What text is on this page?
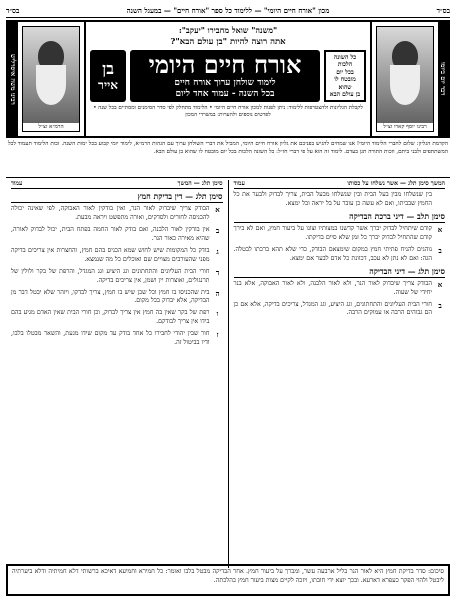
בס״ד
מכון "אורח חיים היומי" — ללימוד כל ספר "אורח חיים" — במעגל השנה
בס״ד
דבר יום ביומו
רבינו יוסף קארו זצ״ל
"משנה" שואל מחבירו "יעקב":
אתה רוצה להיות "בן עולם הבא"?
כל השונה
הלכות
בכל יום
מובטח לו
שהוא
בן עולם הבא
אורח חיים היומי
לימוד שולחן ערוך אורח חיים
בכל השנה - עמוד אחד ליום
בן
אייר
לקבלת הגליונות ולהצטרפות ללימוד: ניתן לפנות למכון אורח חיים היומי • הלימוד מתחלק לפי סדר הסימנים ומסתיים בכל שנה • לפרטים נוספים ולהערות: במשרדי המכון
הרמ״א זצ״ל
רבינו משה איסרליש
הקדמת הגליון: שלום לחברי הלימוד היומי! אנו שמחים להגיש בפניכם את גליון אורח חיים היומי, המכיל את דברי השולחן ערוך עם הגהות הרמ״א, לימוד יומי קבוע בכל ימות השנה. זכות הלימוד תעמוד לכל המשתתפים ולבני ביתם, וזכות התורה תגן בעדם. לימוד זה הוא על פי דברי חז״ל: כל השונה הלכות בכל יום מובטח לו שהוא בן עולם הבא.
המשך סימן תלג — אשר נשלחו על כסותו
עמוד
בין שנשלחו מבין בעל הבית ובין שנשלחו מבעל הבית, צריך לבדוק ולבער את כל החמץ שבביתו, ואם לא עשה כן עובר על בל יראה ובל ימצא.
סימן תלב — דיני ברכת הבדיקה
א
קודם שיתחיל לבדוק יברך אשר קדשנו במצותיו וצונו על ביעור חמץ, ואם לא בירך קודם שהתחיל לבדוק יברך כל זמן שלא סיים בדיקתו.
ב
נוהגים להניח פתיתי חמץ במקום שימצאם הבודק, כדי שלא תהא ברכתו לבטלה. הגה: ואם לא נתן לא עכב, דכוונת כל אדם לבער אם ימצא.
סימן תלג — דיני הבדיקה
א
הבודק צריך שיבדוק לאור הנר, ולא לאור הלבנה, ולא לאור האבוקה, אלא בנר יחידי של שעוה.
ב
חורי הבית העליונים והתחתונים, וגג היציע, וגג המגדל, צריכים בדיקה, אלא אם כן הם גבוהים הרבה או עמוקים הרבה.
סימן תלג — המשך
עמוד
סימן תלג — דין בדיקת חמץ
א
הבודק צריך שיבדוק לאור הנר, ואין בודקין לאור האבוקה, לפי שאינה יכולה להכניסה לחורים ולסדקים, ואורה מתפשט ויראה מבעת.
ב
אין בודקין לאור הלבנה, ואם בודק לאור החמה בפתח הבית, יכול לבדוק לאורה, שהיא מאירה כאור הנר.
ג
בודק כל המקומות שיש לחוש שמא הכניס בהם חמץ, והחצרות אין צריכים בדיקה מפני שהעורבים מצויים שם ואוכלים כל מה שנמצא.
ד
חורי הבית העליונים והתחתונים וגג היציע וגג המגדל, והרפת של בקר ולולין של תרנגולים, ואוצרות יין ושמן, אין צריכים בדיקה.
ה
בית שהכניסו בו חמץ וכל שכן שיש בו חמץ, צריך לבדקו, ויזהר שלא יבטל דבר מן הבדיקה, אלא יבדוק בכל מקום.
ו
רפת של בקר שאין בה חמץ אין צריך לבדוק, וכן חורי הבית שאין האדם מגיע בהם בידו אין צריך לבודקם.
ז
חור שבין יהודי לחבירו כל אחד בודק עד מקום שידו מגעת, והשאר מבטלו בלבו, ודיו בביטול זה.
סיכום: סדר בדיקת חמץ היא לאור הנר בליל ארבעה עשר, ומברך על ביעור חמץ. אחר הבדיקה מבטל בלבו ואומר: כל חמירא וחמיעא דאיכא ברשותי דלא חמיתיה ודלא ביערתיה ליבטל ולהוי הפקר כעפרא דארעא. ובכך יוצא ידי חובתו, ויזכה לקיים מצות ביעור חמץ כהלכתה.
